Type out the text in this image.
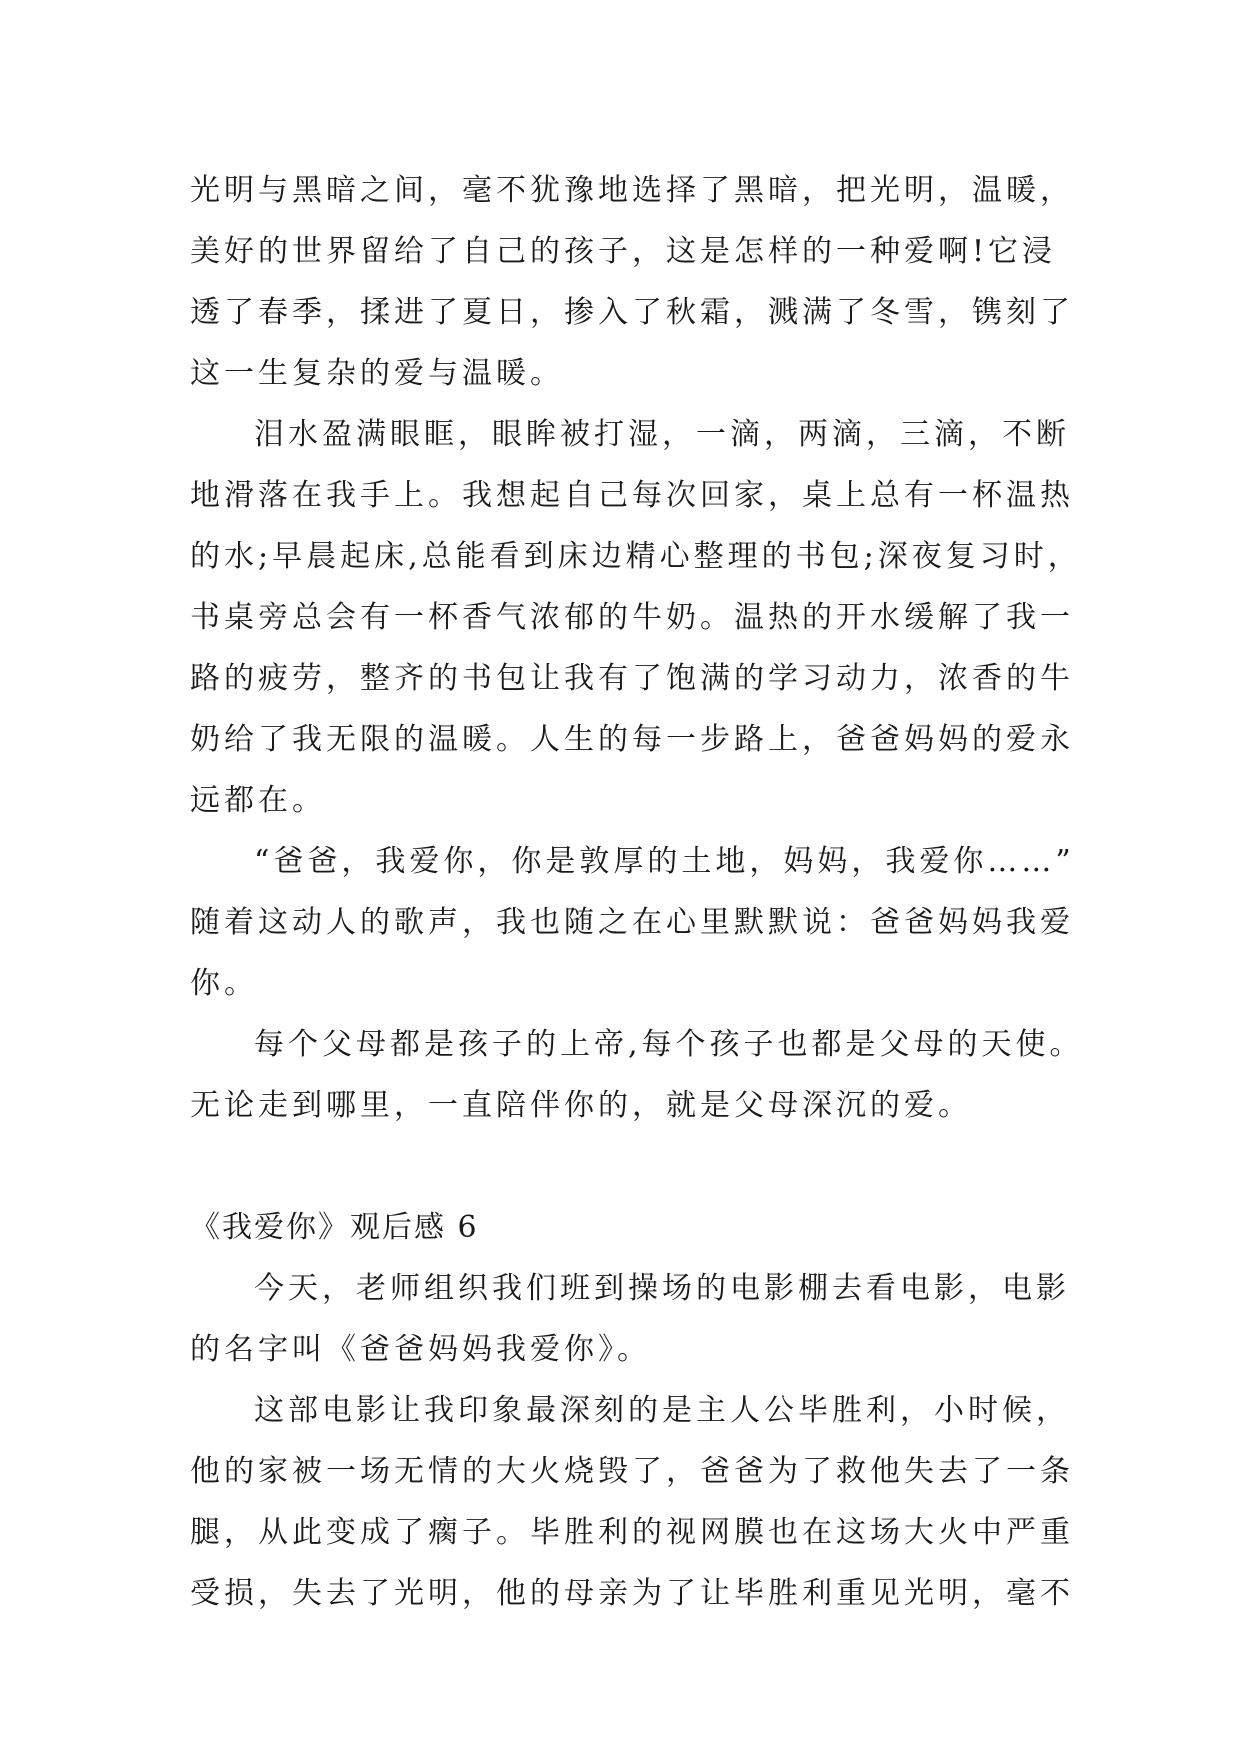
光明与黑暗之间，毫不犹豫地选择了黑暗，把光明，温暖，
美好的世界留给了自己的孩子，这是怎样的一种爱啊!它浸
透了春季，揉进了夏日，掺入了秋霜，溅满了冬雪，镌刻了
这一生复杂的爱与温暖。
泪水盈满眼眶，眼眸被打湿，一滴，两滴，三滴，不断
地滑落在我手上。我想起自己每次回家，桌上总有一杯温热
的水;早晨起床,总能看到床边精心整理的书包;深夜复习时，
书桌旁总会有一杯香气浓郁的牛奶。温热的开水缓解了我一
路的疲劳，整齐的书包让我有了饱满的学习动力，浓香的牛
奶给了我无限的温暖。人生的每一步路上，爸爸妈妈的爱永
远都在。
“爸爸，我爱你，你是敦厚的土地，妈妈，我爱你……”
随着这动人的歌声，我也随之在心里默默说：爸爸妈妈我爱
你。
每个父母都是孩子的上帝,每个孩子也都是父母的天使。
无论走到哪里，一直陪伴你的，就是父母深沉的爱。
《我爱你》观后感 6
今天，老师组织我们班到操场的电影棚去看电影，电影
的名字叫《爸爸妈妈我爱你》。
这部电影让我印象最深刻的是主人公毕胜利，小时候，
他的家被一场无情的大火烧毁了，爸爸为了救他失去了一条
腿，从此变成了瘸子。毕胜利的视网膜也在这场大火中严重
受损，失去了光明，他的母亲为了让毕胜利重见光明，毫不
